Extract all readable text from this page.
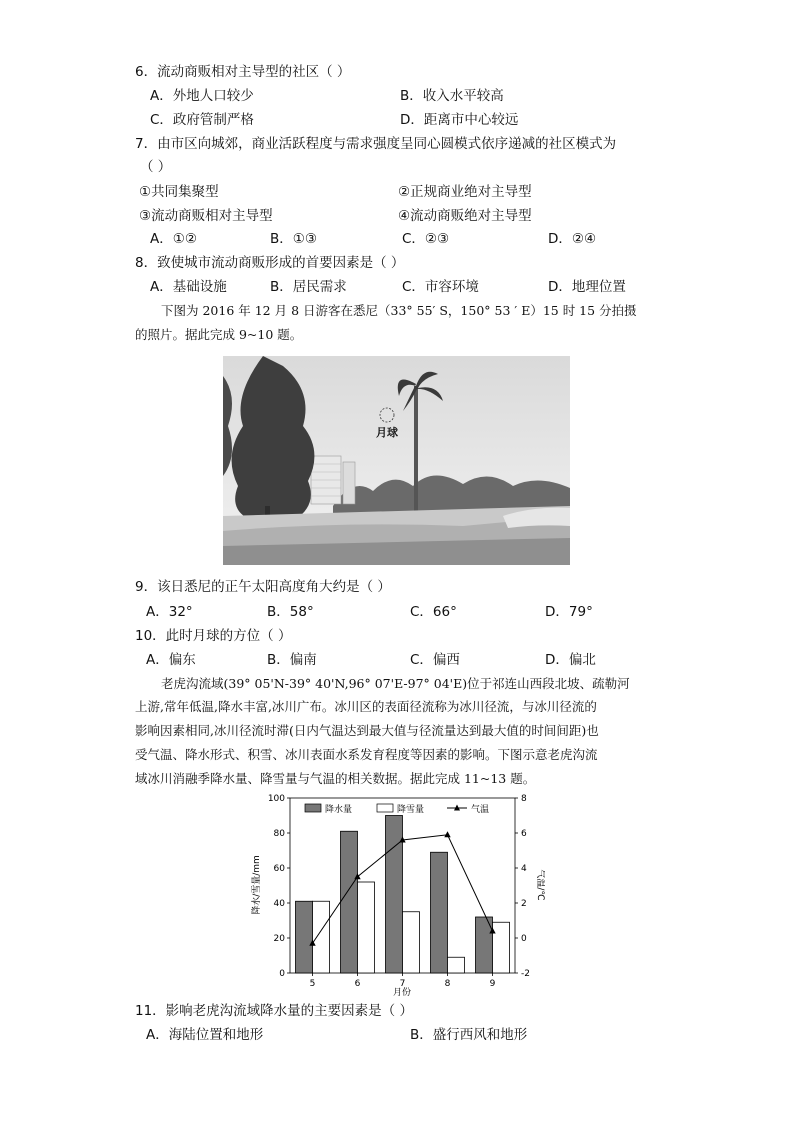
6．流动商贩相对主导型的社区（ ）
A．外地人口较少	B．收入水平较高
C．政府管制严格	D．距离市中心较远
7．由市区向城郊，商业活跃程度与需求强度呈同心圆模式依序递减的社区模式为
（ ）
①共同集聚型	②正规商业绝对主导型
③流动商贩相对主导型	④流动商贩绝对主导型
A．①②	B．①③	C．②③	D．②④
8．致使城市流动商贩形成的首要因素是（ ）
A．基础设施	B．居民需求	C．市容环境	D．地理位置
下图为 2016 年 12 月 8 日游客在悉尼（33° 55′ S，150° 53 ′ E）15 时 15 分拍摄
的照片。据此完成 9~10 题。
月球
9．该日悉尼的正午太阳高度角大约是（ ）
A．32°	B．58°	C．66°	D．79°
10．此时月球的方位（ ）
A．偏东	B．偏南	C．偏西	D．偏北
老虎沟流域(39° 05'N-39° 40'N,96° 07'E-97° 04'E)位于祁连山西段北坡、疏勒河
上游,常年低温,降水丰富,冰川广布。冰川区的表面径流称为冰川径流，与冰川径流的
影响因素相同,冰川径流时滞(日内气温达到最大值与径流量达到最大值的时间间距)也
受气温、降水形式、积雪、冰川表面水系发育程度等因素的影响。下图示意老虎沟流
域冰川消融季降水量、降雪量与气温的相关数据。据此完成 11~13 题。
降水/雪量/mm	气温/℃
月份
0
20
40
60
80
100
-2
0
2
4
6
8
5	6	7	8	9
降水量	降雪量	气温
11．影响老虎沟流域降水量的主要因素是（ ）
A．海陆位置和地形	B．盛行西风和地形
